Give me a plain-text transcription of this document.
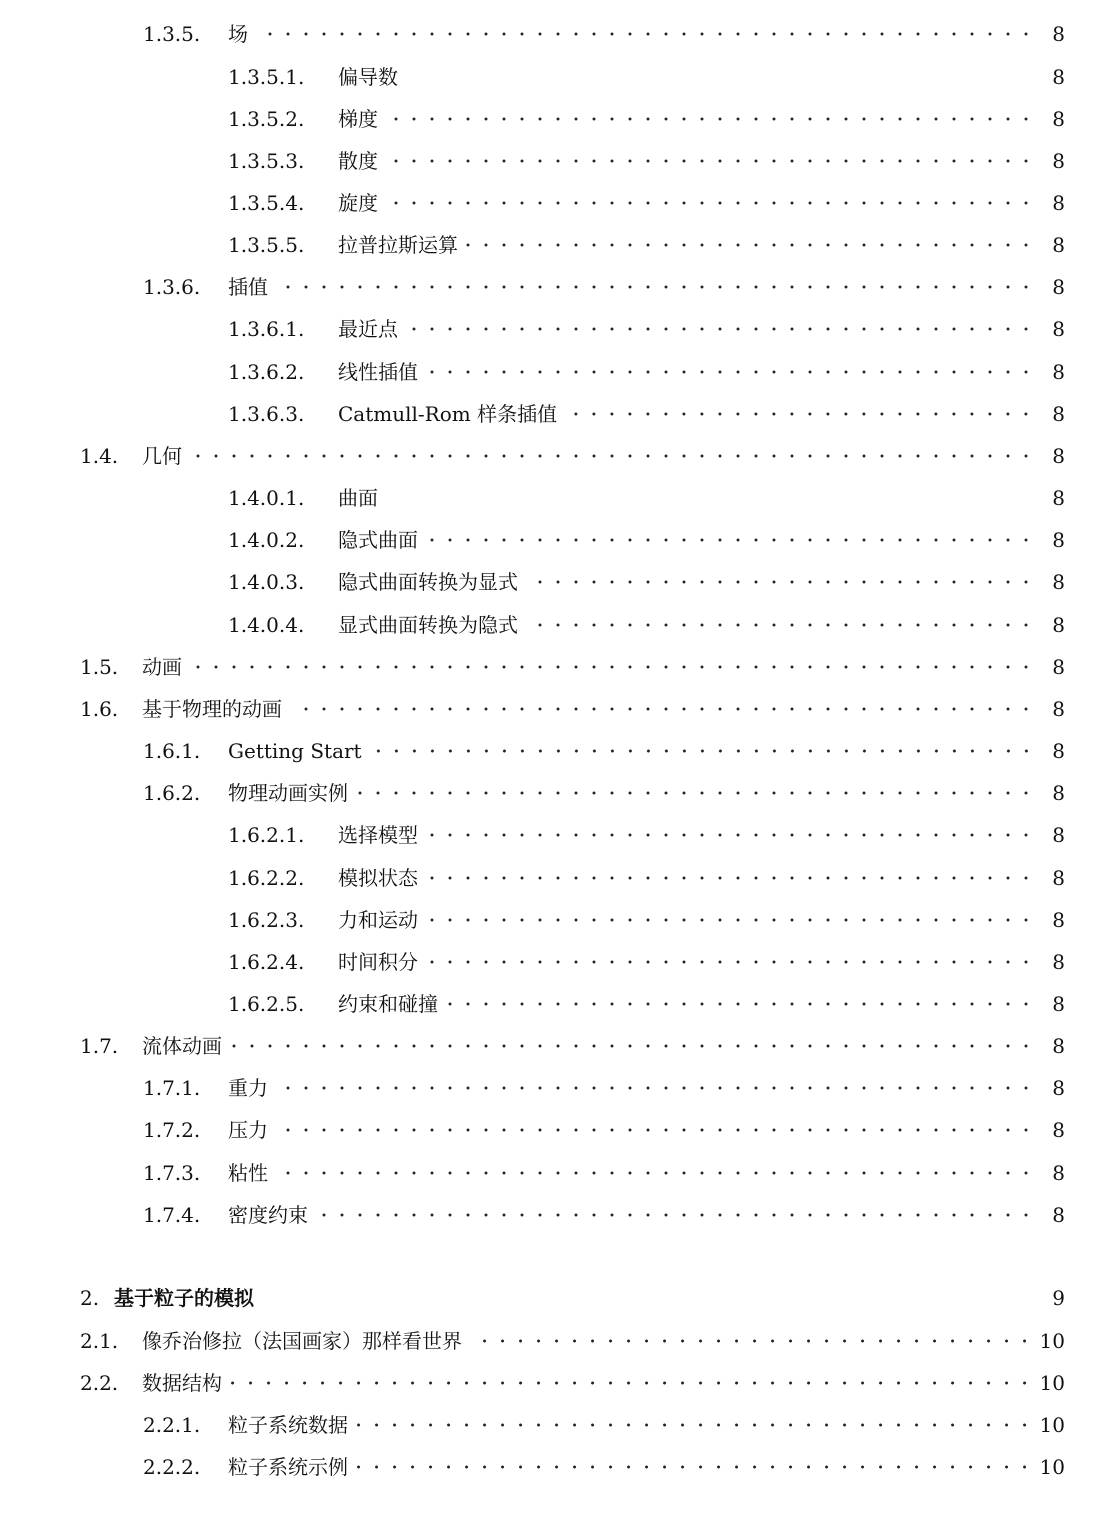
1.3.5.	场	8
1.3.5.1.	偏导数	8
1.3.5.2.	梯度	8
1.3.5.3.	散度	8
1.3.5.4.	旋度	8
1.3.5.5.	拉普拉斯运算	8
1.3.6.	插值	8
1.3.6.1.	最近点	8
1.3.6.2.	线性插值	8
1.3.6.3.	Catmull-Rom 样条插值	8
1.4.	几何	8
1.4.0.1.	曲面	8
1.4.0.2.	隐式曲面	8
1.4.0.3.	隐式曲面转换为显式	8
1.4.0.4.	显式曲面转换为隐式	8
1.5.	动画	8
1.6.	基于物理的动画	8
1.6.1.	Getting Start	8
1.6.2.	物理动画实例	8
1.6.2.1.	选择模型	8
1.6.2.2.	模拟状态	8
1.6.2.3.	力和运动	8
1.6.2.4.	时间积分	8
1.6.2.5.	约束和碰撞	8
1.7.	流体动画	8
1.7.1.	重力	8
1.7.2.	压力	8
1.7.3.	粘性	8
1.7.4.	密度约束	8
2. 基于粒子的模拟	9
2.1.	像乔治修拉（法国画家）那样看世界	10
2.2.	数据结构	10
2.2.1.	粒子系统数据	10
2.2.2.	粒子系统示例	10
